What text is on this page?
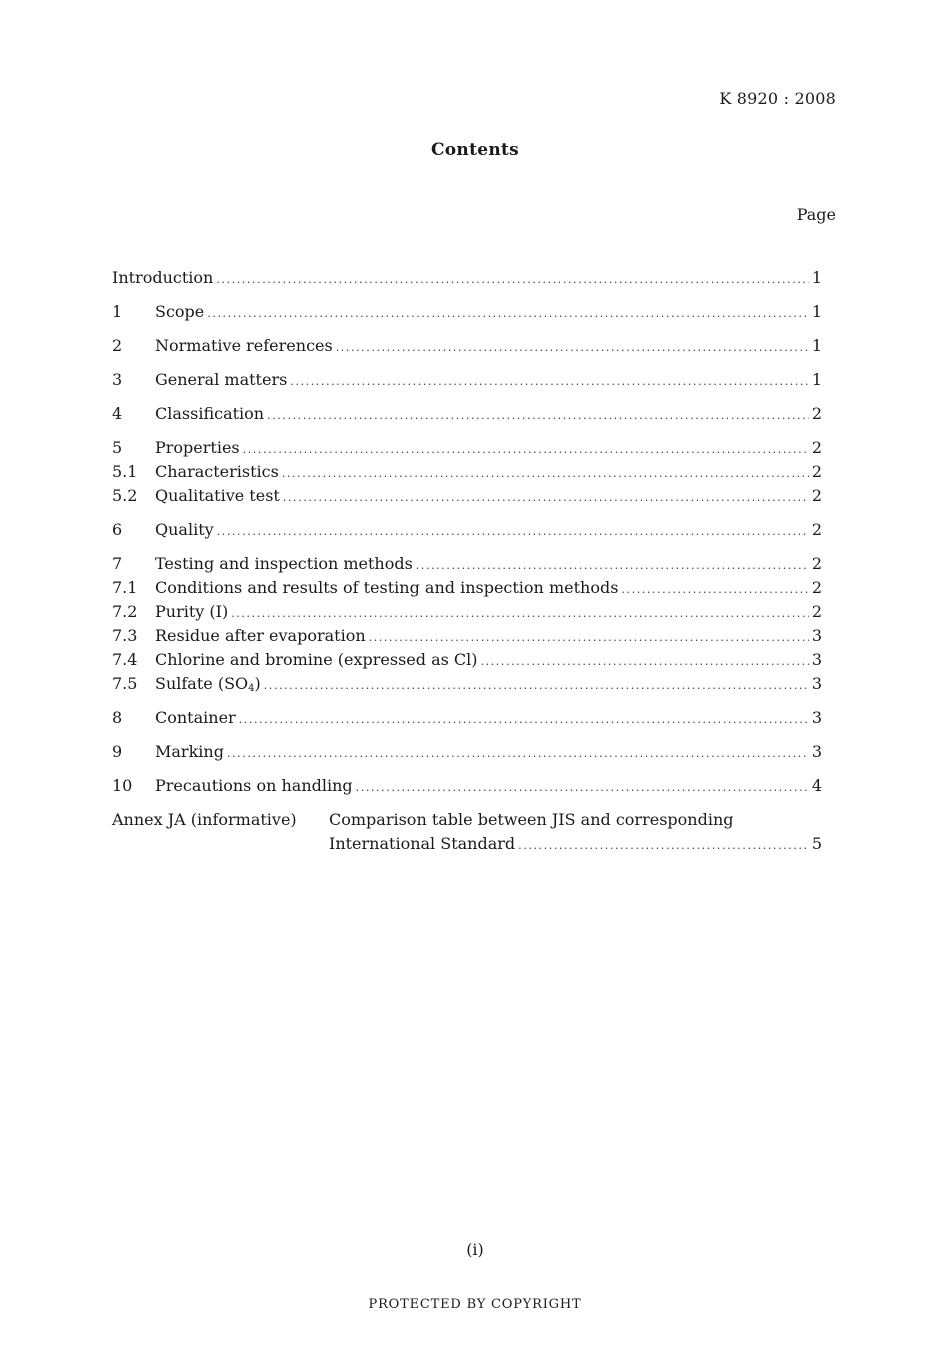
K 8920 : 2008
Contents
Page
Introduction .....	1
1	Scope .....	1
2	Normative references .....	1
3	General matters .....	1
4	Classification .....	2
5	Properties .....	2
5.1	Characteristics .....	2
5.2	Qualitative test .....	2
6	Quality .....	2
7	Testing and inspection methods .....	2
7.1	Conditions and results of testing and inspection methods .....	2
7.2	Purity (I) .....	2
7.3	Residue after evaporation .....	3
7.4	Chlorine and bromine (expressed as Cl) .....	3
7.5	Sulfate $(SO_4)$ .....	3
8	Container .....	3
9	Marking .....	3
10	Precautions on handling .....	4
Annex JA (informative)	Comparison table between JIS and corresponding
International Standard .....	5
(i)
PROTECTED BY COPYRIGHT
